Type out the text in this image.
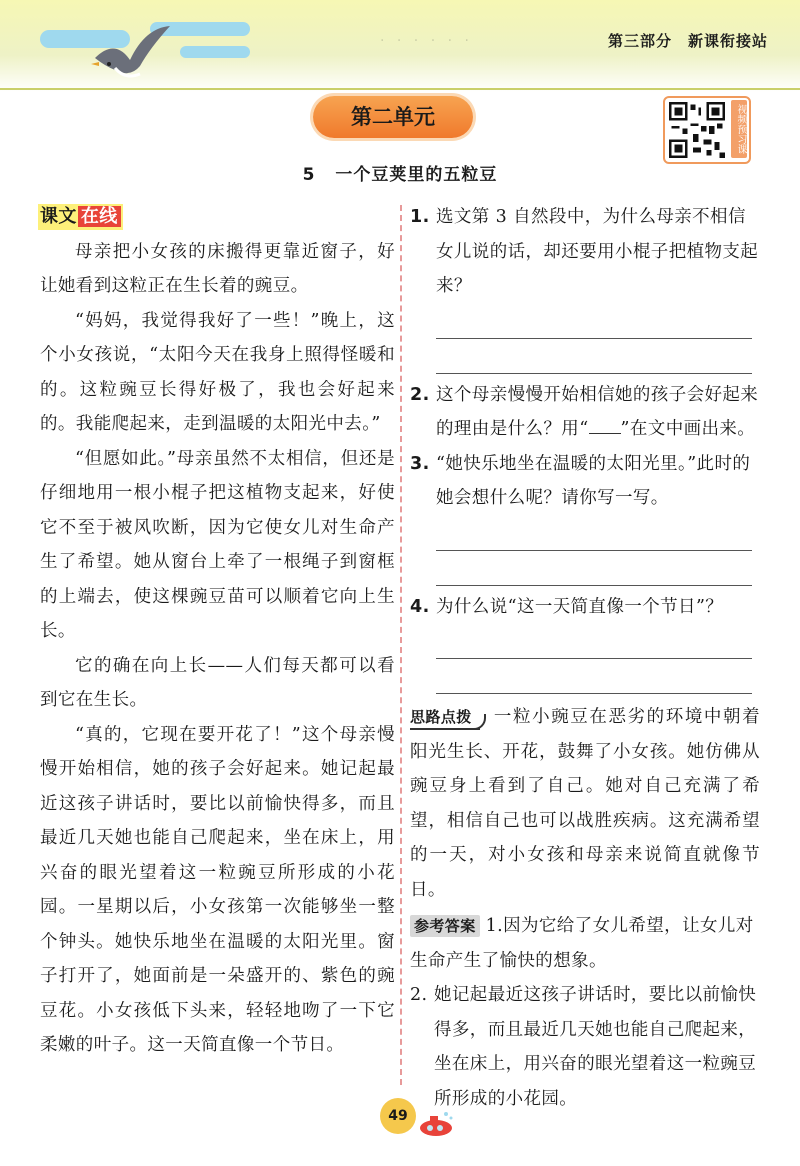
· · · · · ·	第三部分 新课衔接站
第二单元	视频预习课
5 一个豆荚里的五粒豆
课文 在线

母亲把小女孩的床搬得更靠近窗子，好让她看到这粒正在生长着的豌豆。

“妈妈，我觉得我好了一些！”晚上，这个小女孩说，“太阳今天在我身上照得怪暖和的。这粒豌豆长得好极了，我也会好起来的。我能爬起来，走到温暖的太阳光中去。”

“但愿如此。”母亲虽然不太相信，但还是仔细地用一根小棍子把这植物支起来，好使它不至于被风吹断，因为它使女儿对生命产生了希望。她从窗台上牵了一根绳子到窗框的上端去，使这棵豌豆苗可以顺着它向上生长。

它的确在向上长——人们每天都可以看到它在生长。

“真的，它现在要开花了！”这个母亲慢慢开始相信，她的孩子会好起来。她记起最近这孩子讲话时，要比以前愉快得多，而且最近几天她也能自己爬起来，坐在床上，用兴奋的眼光望着这一粒豌豆所形成的小花园。一星期以后，小女孩第一次能够坐一整个钟头。她快乐地坐在温暖的太阳光里。窗子打开了，她面前是一朵盛开的、紫色的豌豆花。小女孩低下头来，轻轻地吻了一下它柔嫩的叶子。这一天简直像一个节日。

1. 选文第 3 自然段中，为什么母亲不相信女儿说的话，却还要用小棍子把植物支起来？
2. 这个母亲慢慢开始相信她的孩子会好起来的理由是什么？用“ ”在文中画出来。
3. “她快乐地坐在温暖的太阳光里。”此时的她会想什么呢？请你写一写。
4. 为什么说“这一天简直像一个节日”？
思路点拨 一粒小豌豆在恶劣的环境中朝着阳光生长、开花，鼓舞了小女孩。她仿佛从豌豆身上看到了自己。她对自己充满了希望，相信自己也可以战胜疾病。这充满希望的一天，对小女孩和母亲来说简直就像节日。
参考答案 1.因为它给了女儿希望，让女儿对生命产生了愉快的想象。
2. 她记起最近这孩子讲话时，要比以前愉快得多，而且最近几天她也能自己爬起来，坐在床上，用兴奋的眼光望着这一粒豌豆所形成的小花园。
49
